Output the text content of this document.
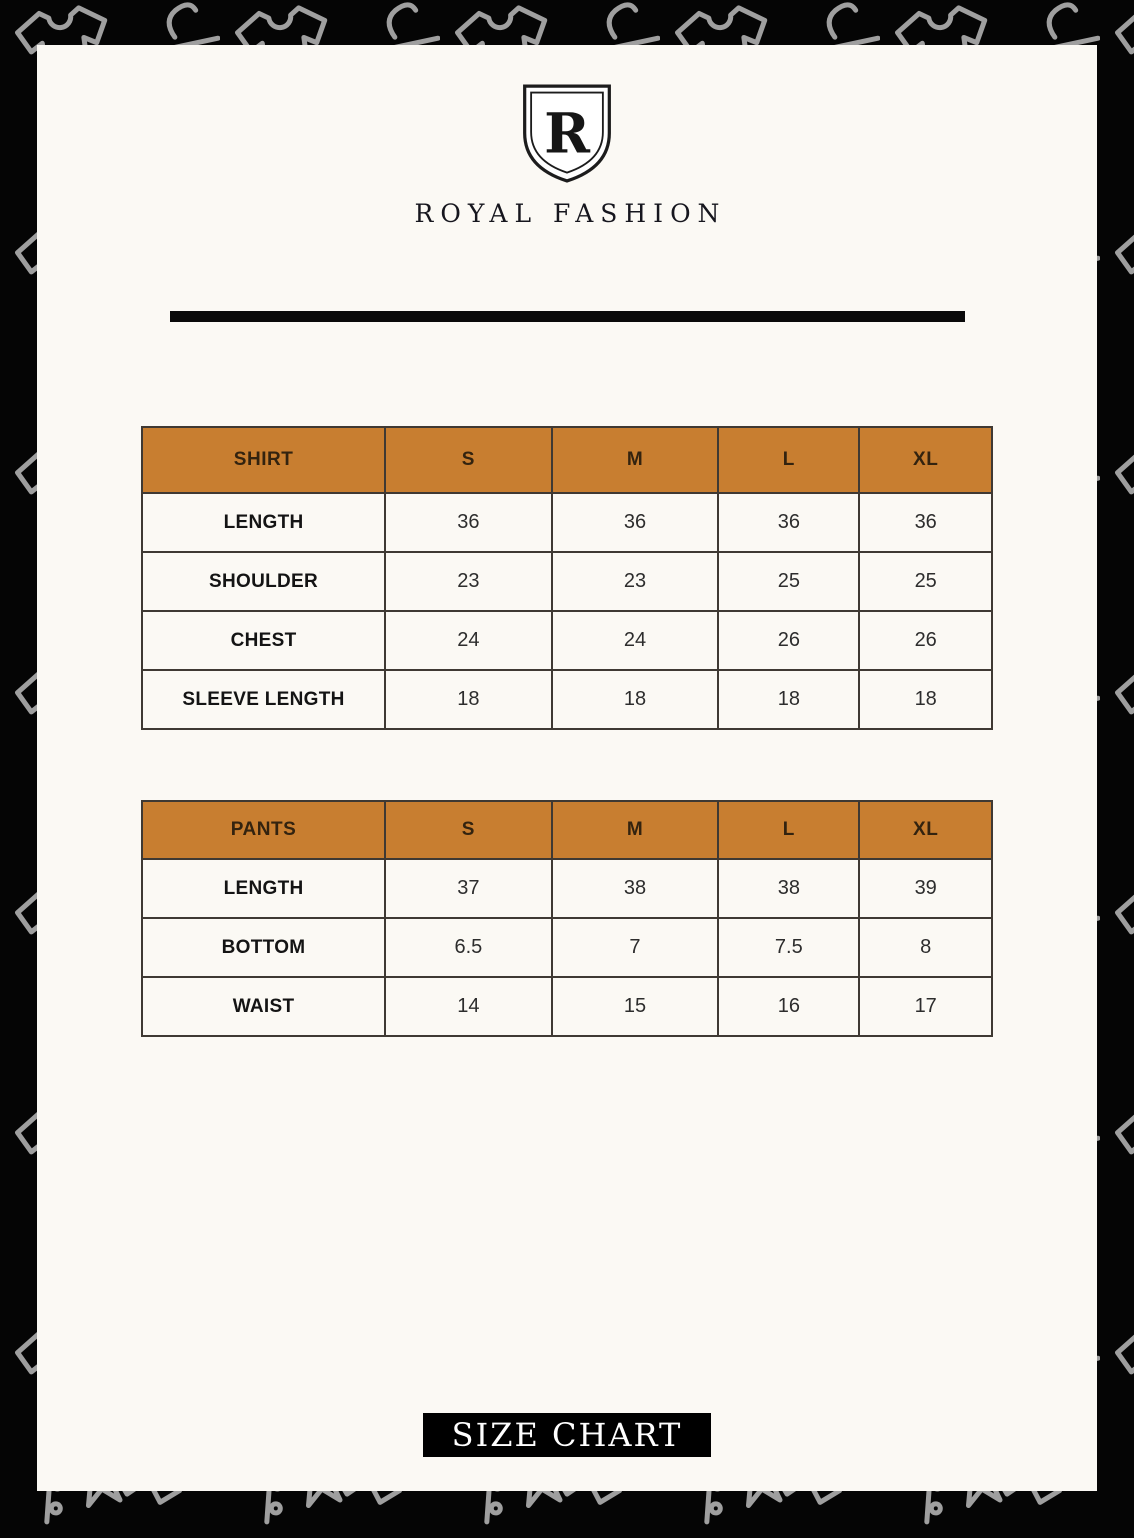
R
ROYAL FASHION
SHIRT	S	M	L	XL
LENGTH	36	36	36	36
SHOULDER	23	23	25	25
CHEST	24	24	26	26
SLEEVE LENGTH	18	18	18	18
PANTS	S	M	L	XL
LENGTH	37	38	38	39
BOTTOM	6.5	7	7.5	8
WAIST	14	15	16	17
SIZE CHART
